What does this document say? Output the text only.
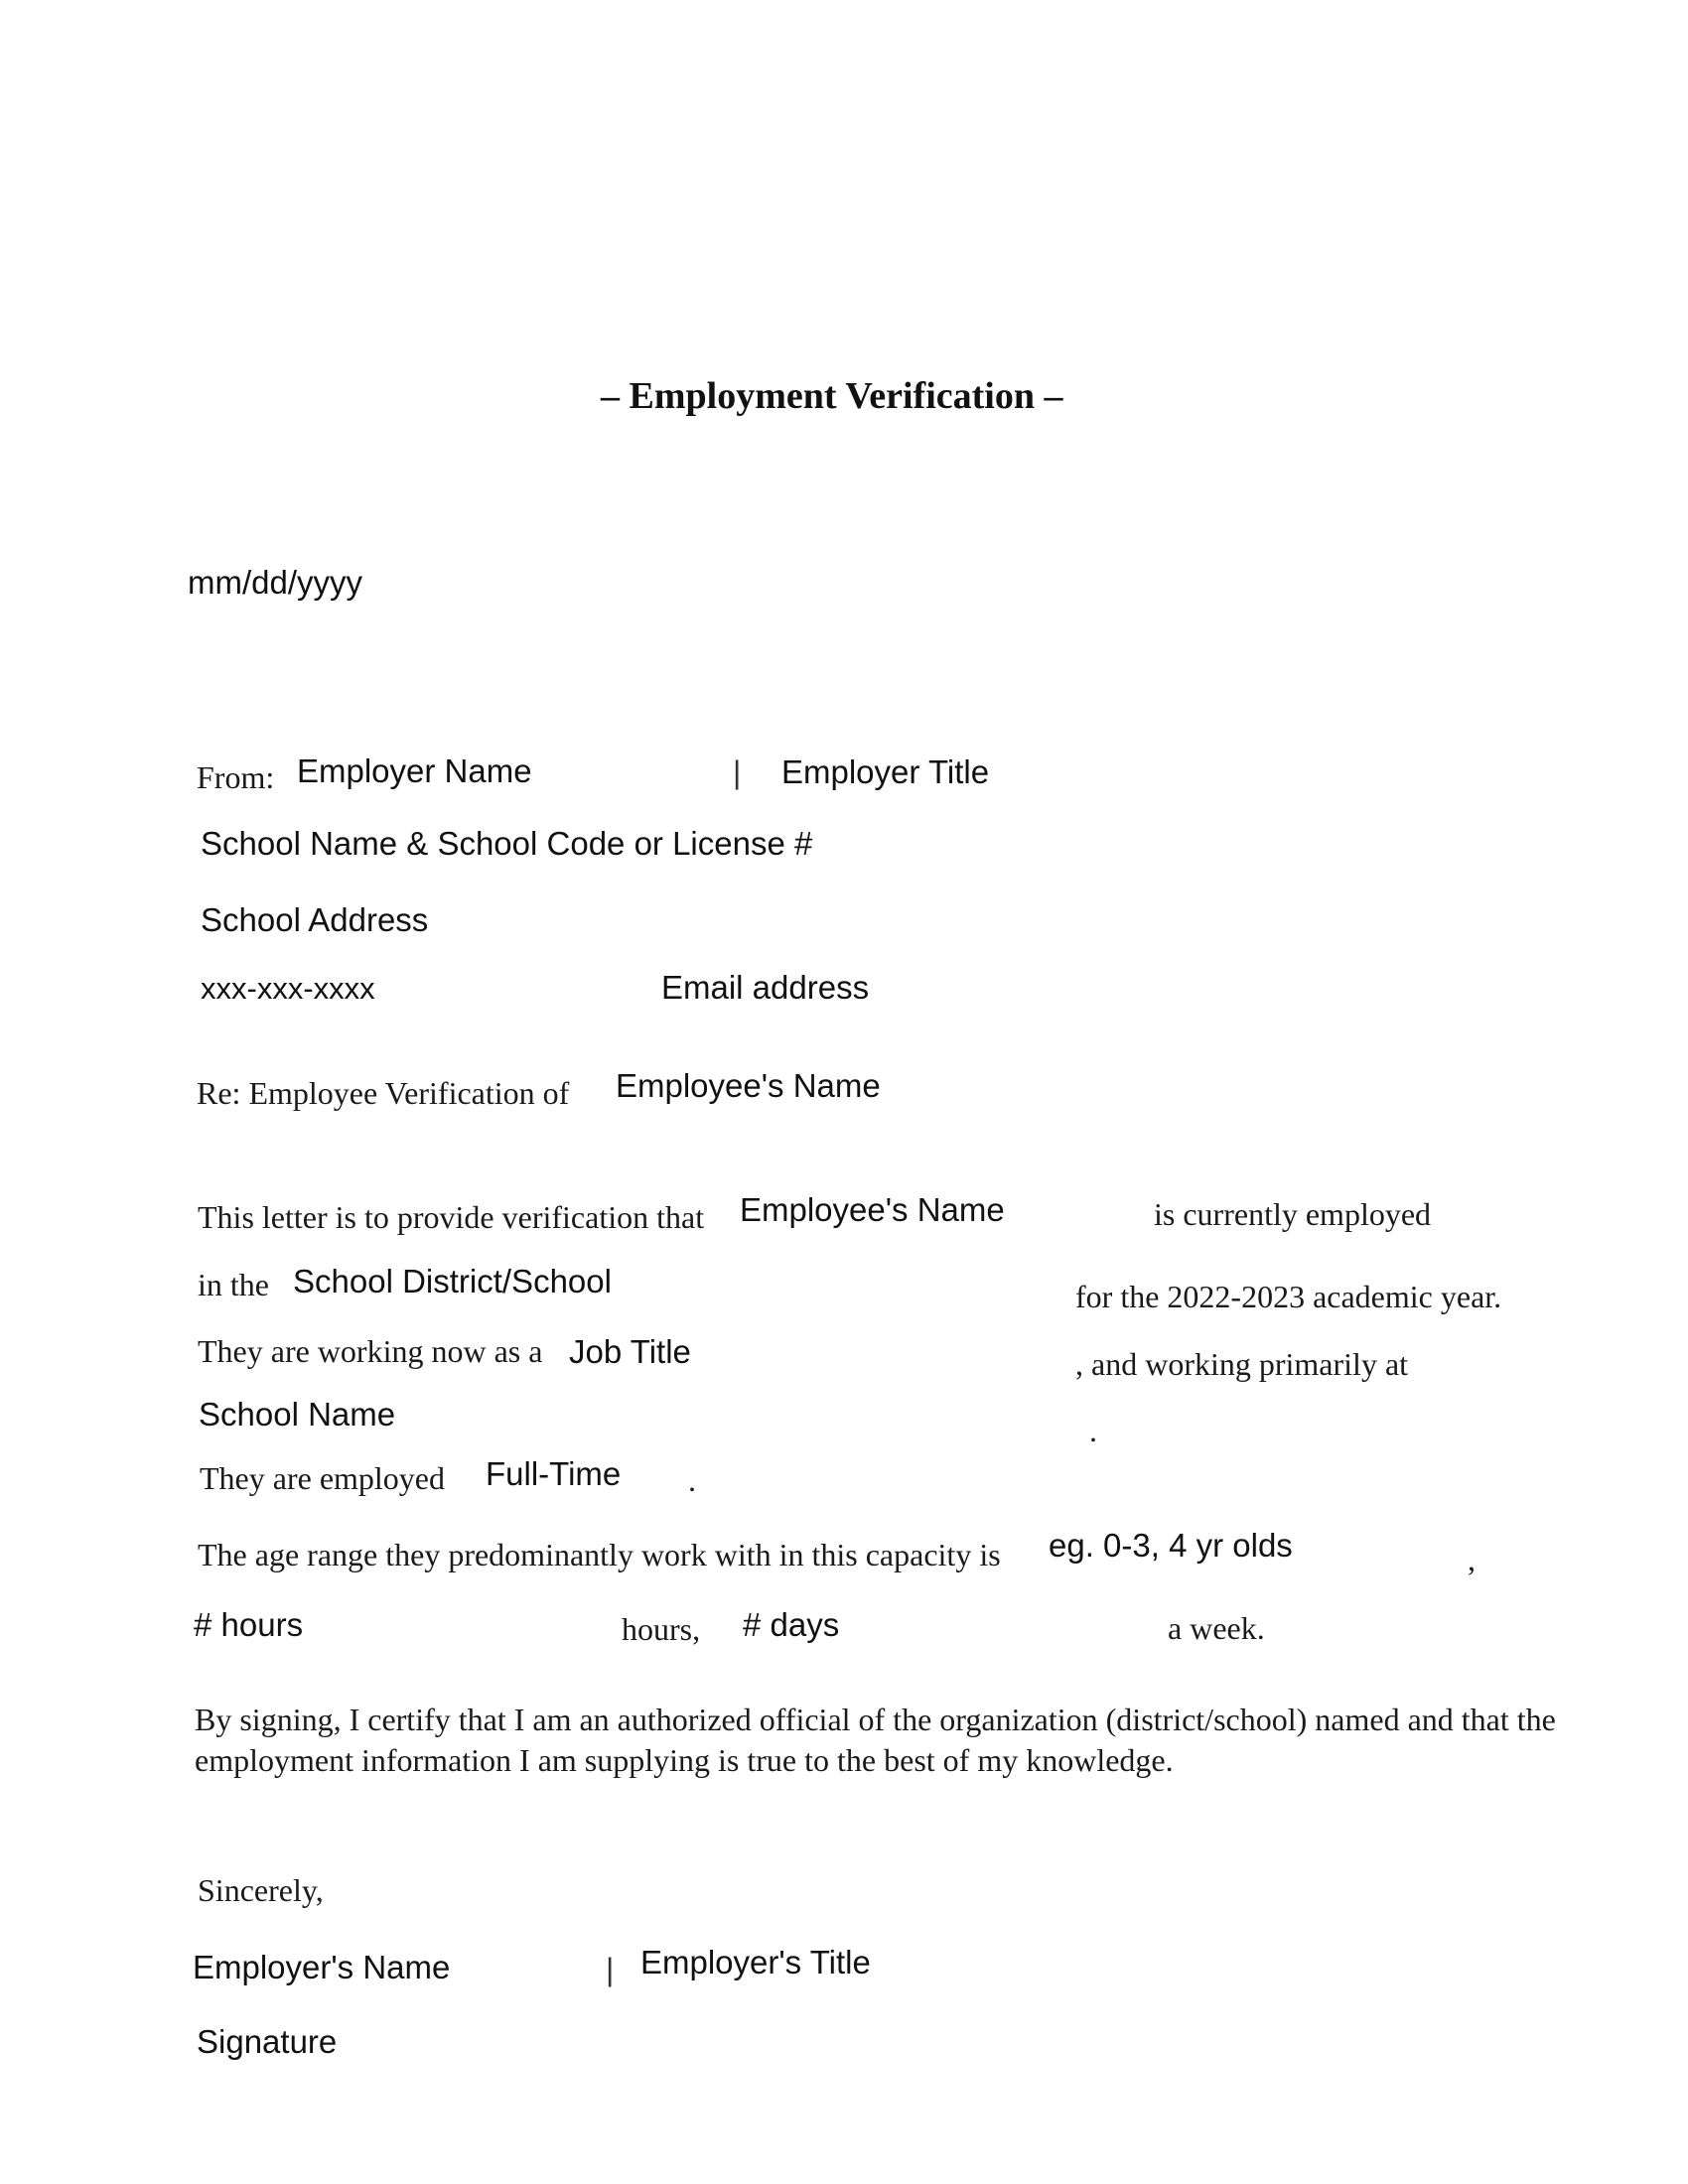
– Employment Verification –
mm/dd/yyyy
From: Employer Name	| Employer Title
School Name & School Code or License #
School Address
xxx-xxx-xxxx	Email address
Re: Employee Verification of Employee's Name
This letter is to provide verification that Employee's Name	is currently employed
in the School District/School	for the 2022-2023 academic year.
They are working now as a Job Title	, and working primarily at
School Name	.
They are employed Full-Time .
The age range they predominantly work with in this capacity is eg. 0-3, 4 yr olds	,
# hours	hours, # days	a week.
By signing, I certify that I am an authorized official of the organization (district/school) named and that the employment information I am supplying is true to the best of my knowledge.
Sincerely,
Employer's Name	| Employer's Title
Signature
